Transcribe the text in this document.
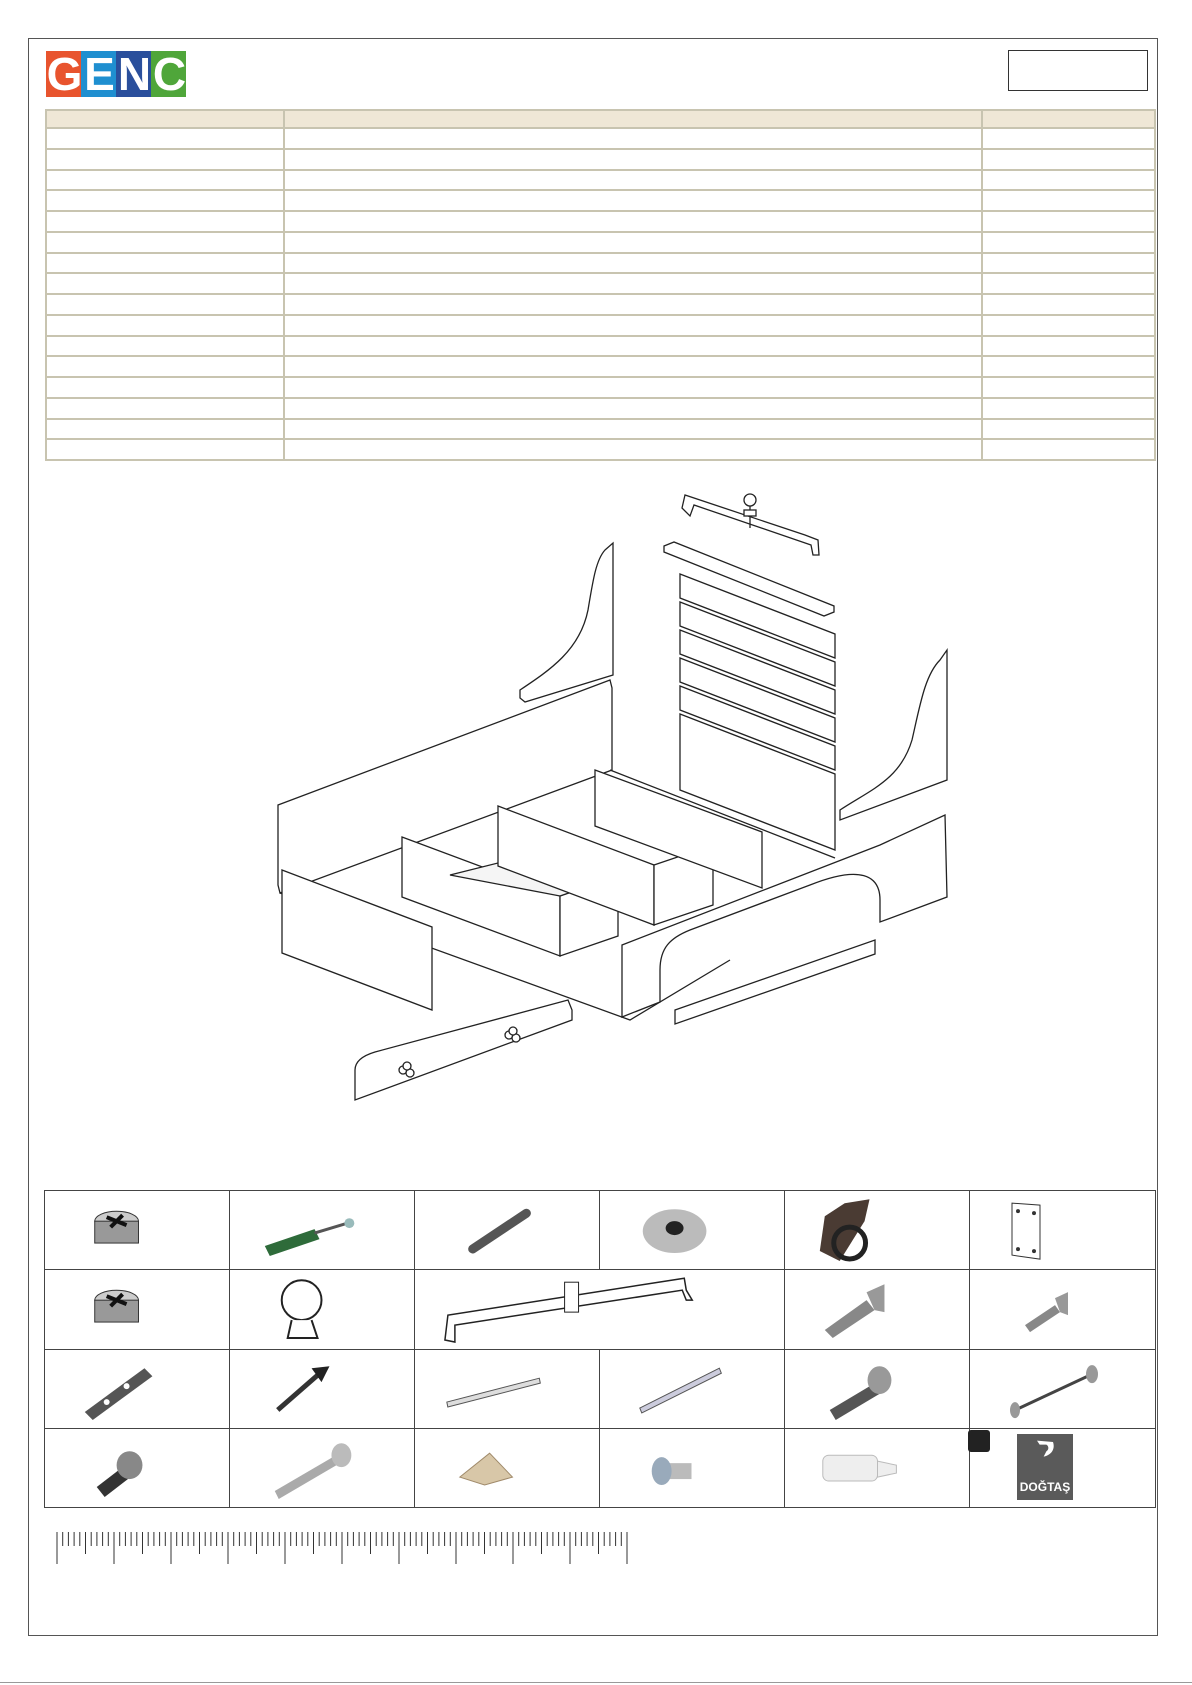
G E N C

DOĞTAŞ
